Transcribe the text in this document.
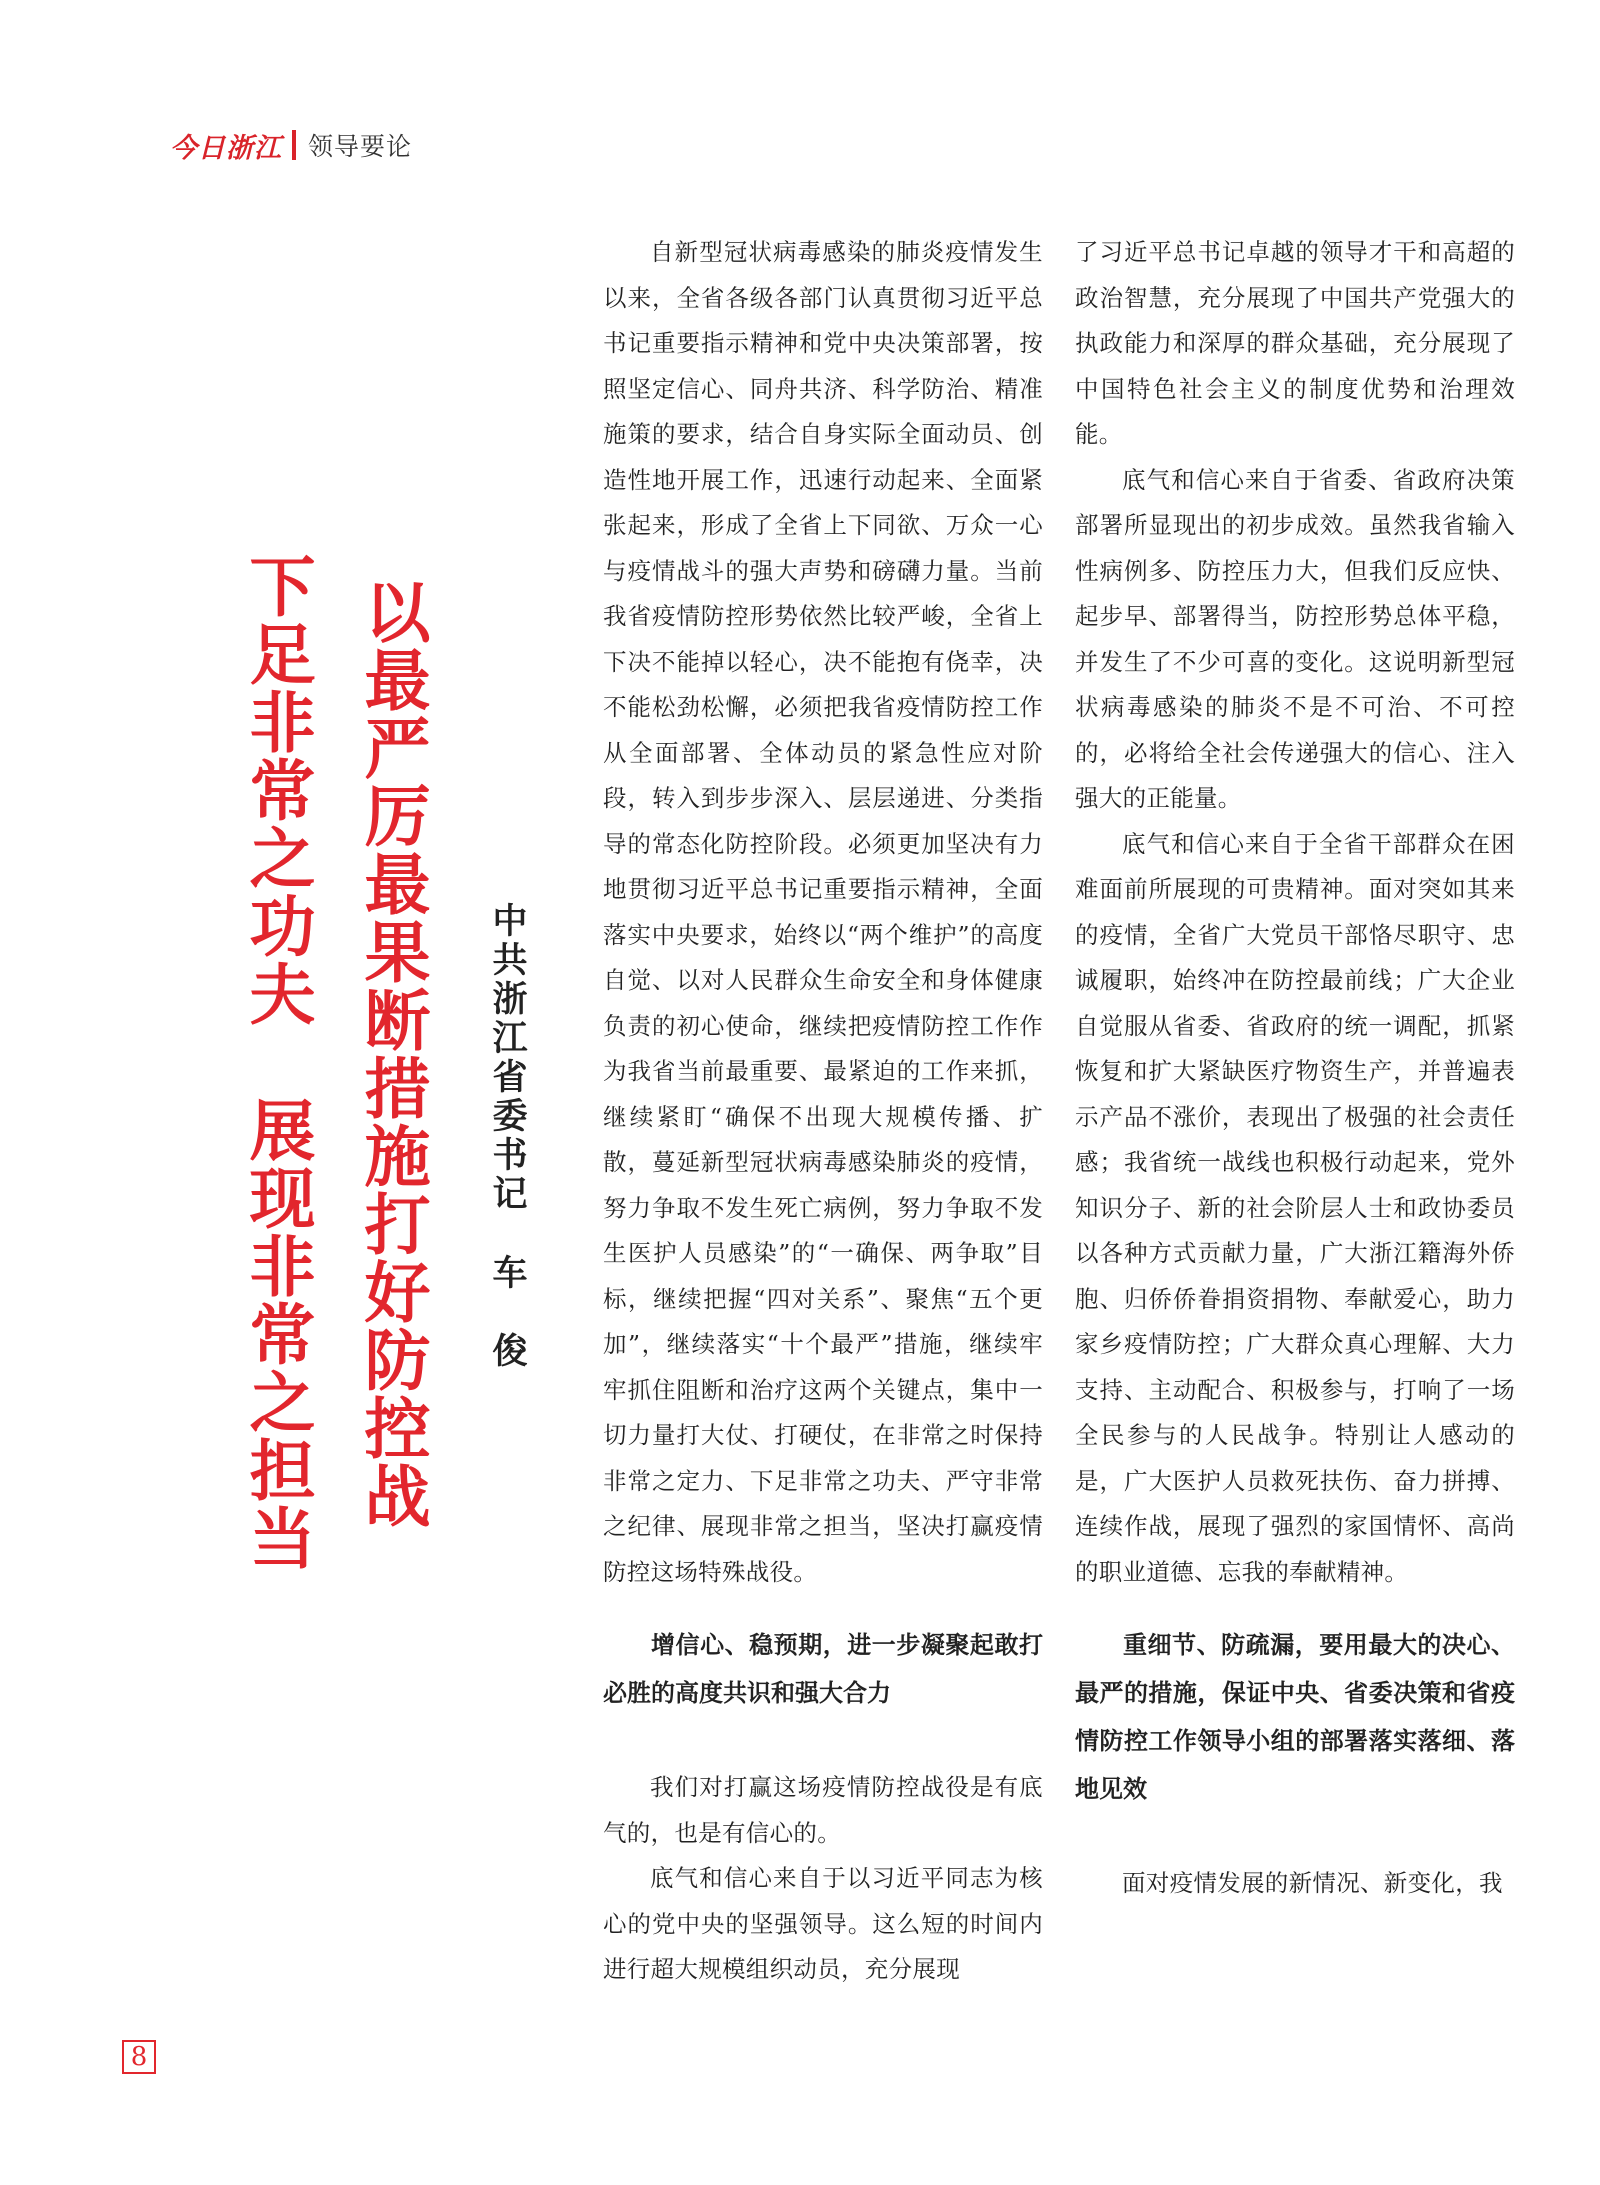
今日浙江 领导要论
以最严厉最果断措施打好防控战
下足非常之功夫　展现非常之担当	中共浙江省委书记车　俊

自新型冠状病毒感染的肺炎疫情发生以来，全省各级各部门认真贯彻习近平总书记重要指示精神和党中央决策部署，按照坚定信心、同舟共济、科学防治、精准施策的要求，结合自身实际全面动员、创造性地开展工作，迅速行动起来、全面紧张起来，形成了全省上下同欲、万众一心与疫情战斗的强大声势和磅礴力量。当前我省疫情防控形势依然比较严峻，全省上下决不能掉以轻心，决不能抱有侥幸，决不能松劲松懈，必须把我省疫情防控工作从全面部署、全体动员的紧急性应对阶段，转入到步步深入、层层递进、分类指导的常态化防控阶段。必须更加坚决有力地贯彻习近平总书记重要指示精神，全面落实中央要求，始终以“两个维护”的高度自觉、以对人民群众生命安全和身体健康负责的初心使命，继续把疫情防控工作作为我省当前最重要、最紧迫的工作来抓，继续紧盯“确保不出现大规模传播、扩散，蔓延新型冠状病毒感染肺炎的疫情，努力争取不发生死亡病例，努力争取不发生医护人员感染”的“一确保、两争取”目标，继续把握“四对关系”、聚焦“五个更加”，继续落实“十个最严”措施，继续牢牢抓住阻断和治疗这两个关键点，集中一切力量打大仗、打硬仗，在非常之时保持非常之定力、下足非常之功夫、严守非常之纪律、展现非常之担当，坚决打赢疫情防控这场特殊战役。

增信心、稳预期，进一步凝聚起敢打必胜的高度共识和强大合力

我们对打赢这场疫情防控战役是有底气的，也是有信心的。

底气和信心来自于以习近平同志为核心的党中央的坚强领导。这么短的时间内进行超大规模组织动员，充分展现

了习近平总书记卓越的领导才干和高超的政治智慧，充分展现了中国共产党强大的执政能力和深厚的群众基础，充分展现了中国特色社会主义的制度优势和治理效能。

底气和信心来自于省委、省政府决策部署所显现出的初步成效。虽然我省输入性病例多、防控压力大，但我们反应快、起步早、部署得当，防控形势总体平稳，并发生了不少可喜的变化。这说明新型冠状病毒感染的肺炎不是不可治、不可控的，必将给全社会传递强大的信心、注入强大的正能量。

底气和信心来自于全省干部群众在困难面前所展现的可贵精神。面对突如其来的疫情，全省广大党员干部恪尽职守、忠诚履职，始终冲在防控最前线；广大企业自觉服从省委、省政府的统一调配，抓紧恢复和扩大紧缺医疗物资生产，并普遍表示产品不涨价，表现出了极强的社会责任感；我省统一战线也积极行动起来，党外知识分子、新的社会阶层人士和政协委员以各种方式贡献力量，广大浙江籍海外侨胞、归侨侨眷捐资捐物、奉献爱心，助力家乡疫情防控；广大群众真心理解、大力支持、主动配合、积极参与，打响了一场全民参与的人民战争。特别让人感动的是，广大医护人员救死扶伤、奋力拼搏、连续作战，展现了强烈的家国情怀、高尚的职业道德、忘我的奉献精神。

重细节、防疏漏，要用最大的决心、最严的措施，保证中央、省委决策和省疫情防控工作领导小组的部署落实落细、落地见效

面对疫情发展的新情况、新变化，我

8
